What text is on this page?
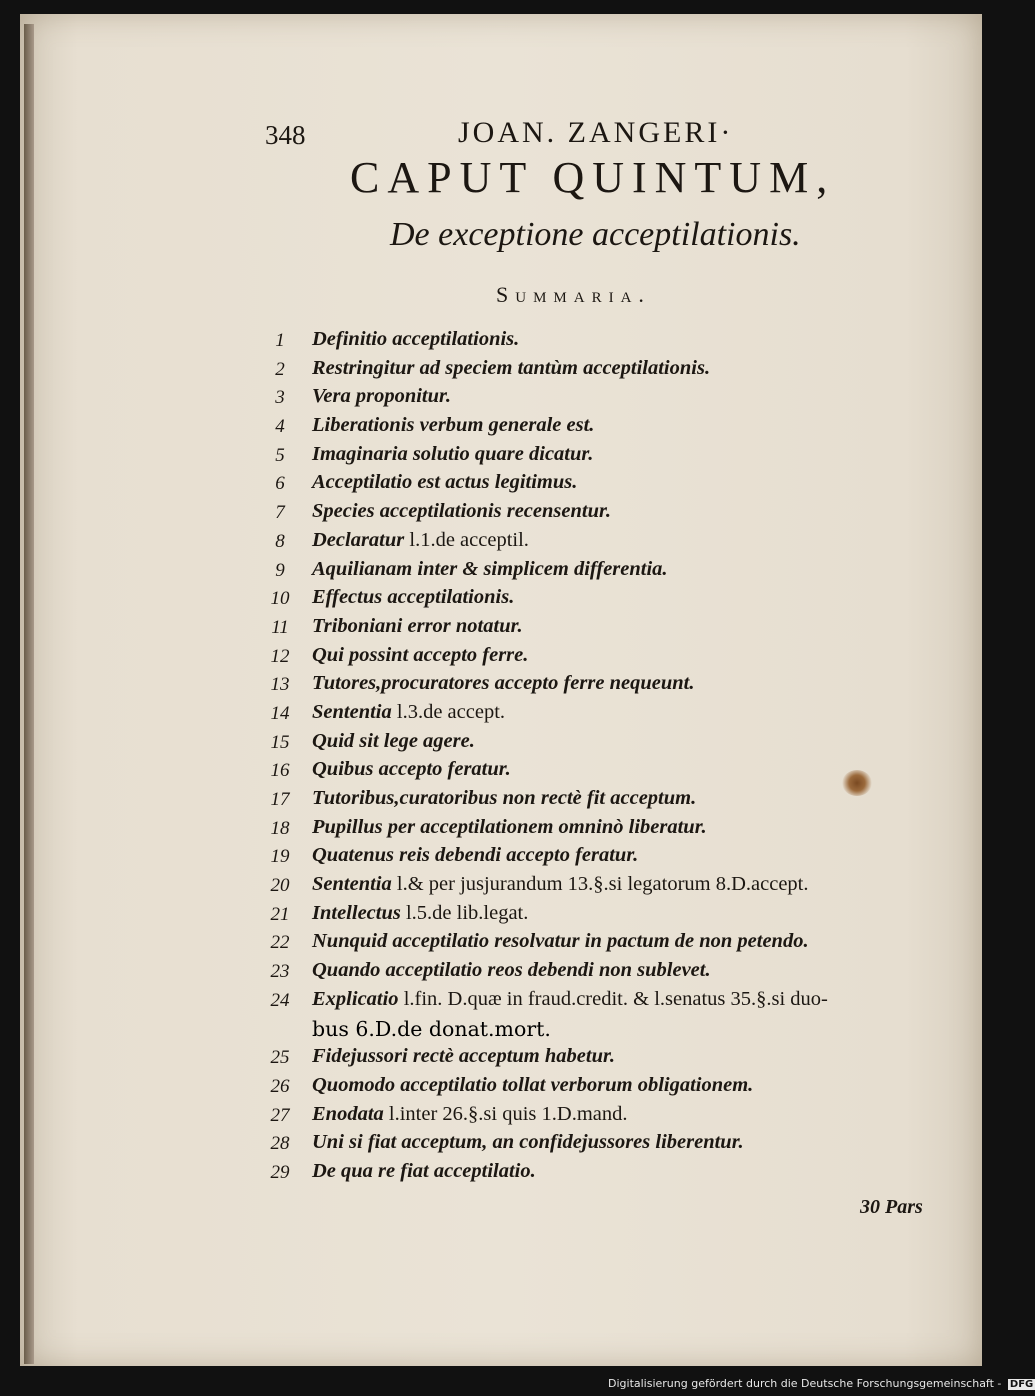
348	JOAN. ZANGERI·
CAPUT QUINTUM,
De exceptione acceptilationis.
Summaria.
1	Definitio acceptilationis.
2	Restringitur ad speciem tantùm acceptilationis.
3	Vera proponitur.
4	Liberationis verbum generale est.
5	Imaginaria solutio quare dicatur.
6	Acceptilatio est actus legitimus.
7	Species acceptilationis recensentur.
8	Declaratur l.1.de acceptil.
9	Aquilianam inter & simplicem differentia.
10	Effectus acceptilationis.
11	Triboniani error notatur.
12	Qui possint accepto ferre.
13	Tutores,procuratores accepto ferre nequeunt.
14	Sententia l.3.de accept.
15	Quid sit lege agere.
16	Quibus accepto feratur.
17	Tutoribus,curatoribus non rectè fit acceptum.
18	Pupillus per acceptilationem omninò liberatur.
19	Quatenus reis debendi accepto feratur.
20	Sententia l.& per jusjurandum 13.§.si legatorum 8.D.accept.
21	Intellectus l.5.de lib.legat.
22	Nunquid acceptilatio resolvatur in pactum de non petendo.
23	Quando acceptilatio reos debendi non sublevet.
24	Explicatio l.fin. D.quæ in fraud.credit. & l.senatus 35.§.si duo-
bus 6.D.de donat.mort.
25	Fidejussori rectè acceptum habetur.
26	Quomodo acceptilatio tollat verborum obligationem.
27	Enodata l.inter 26.§.si quis 1.D.mand.
28	Uni si fiat acceptum, an confidejussores liberentur.
29	De qua re fiat acceptilatio.
30 Pars
Digitalisierung gefördert durch die Deutsche Forschungsgemeinschaft - DFG
